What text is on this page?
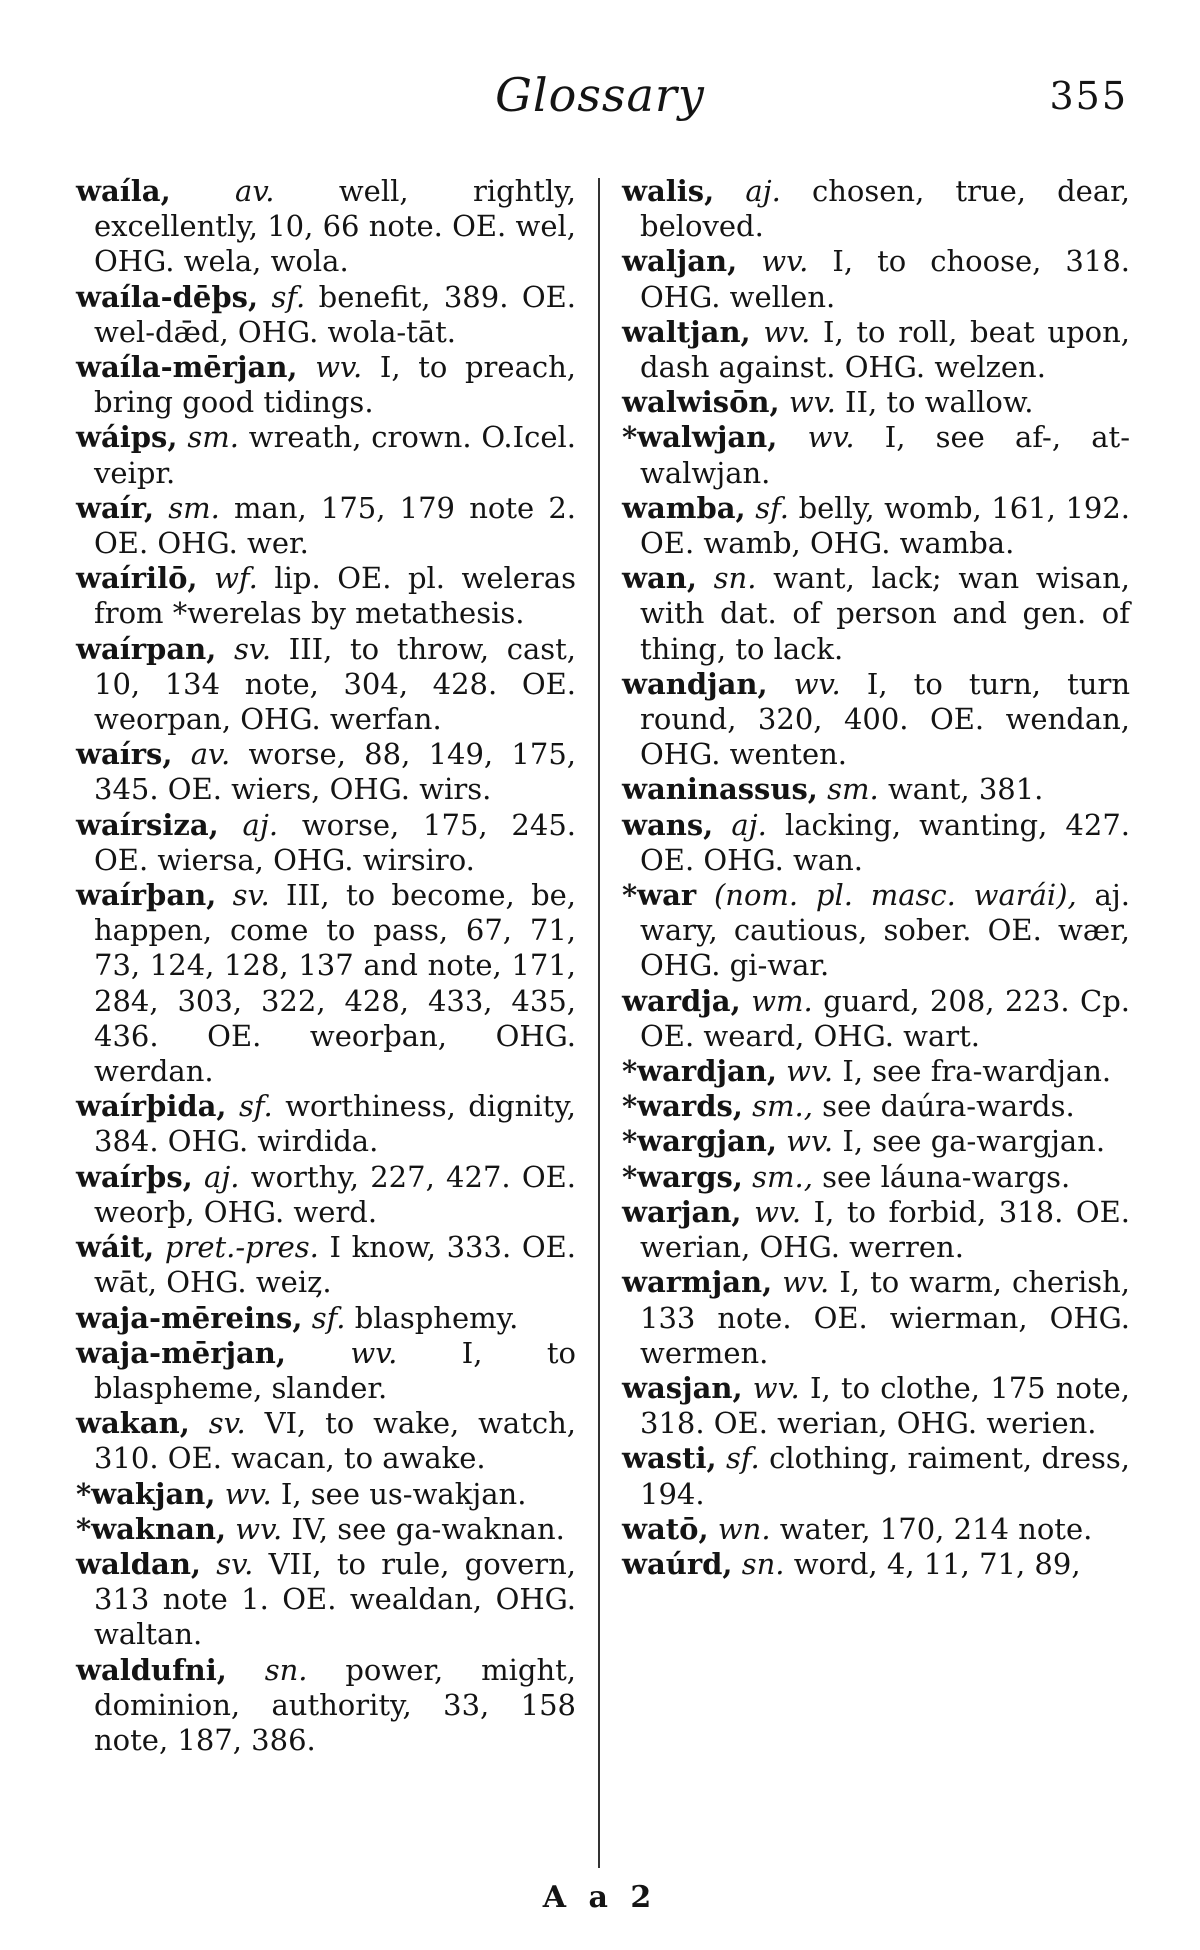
Glossary	355
waíla, av. well, rightly, excellently, 10, 66 note. OE. wel, OHG. wela, wola.
waíla-dēþs, sf. benefit, 389. OE. wel-dǣd, OHG. wola-tāt.
waíla-mērjan, wv. I, to preach, bring good tidings.
wáips, sm. wreath, crown. O.Icel. veipr.
waír, sm. man, 175, 179 note 2. OE. OHG. wer.
waírilō, wf. lip. OE. pl. weleras from *werelas by metathesis.
waírpan, sv. III, to throw, cast, 10, 134 note, 304, 428. OE. weorpan, OHG. werfan.
waírs, av. worse, 88, 149, 175, 345. OE. wiers, OHG. wirs.
waírsiza, aj. worse, 175, 245. OE. wiersa, OHG. wirsiro.
waírþan, sv. III, to become, be, happen, come to pass, 67, 71, 73, 124, 128, 137 and note, 171, 284, 303, 322, 428, 433, 435, 436. OE. weorþan, OHG. werdan.
waírþida, sf. worthiness, dignity, 384. OHG. wirdida.
waírþs, aj. worthy, 227, 427. OE. weorþ, OHG. werd.
wáit, pret.-pres. I know, 333. OE. wāt, OHG. weiȥ.
waja-mēreins, sf. blasphemy.
waja-mērjan, wv. I, to blaspheme, slander.
wakan, sv. VI, to wake, watch, 310. OE. wacan, to awake.
*wakjan, wv. I, see us-wakjan.
*waknan, wv. IV, see ga-waknan.
waldan, sv. VII, to rule, govern, 313 note 1. OE. wealdan, OHG. waltan.
waldufni, sn. power, might, dominion, authority, 33, 158 note, 187, 386.
walis, aj. chosen, true, dear, beloved.
waljan, wv. I, to choose, 318. OHG. wellen.
waltjan, wv. I, to roll, beat upon, dash against. OHG. welzen.
walwisōn, wv. II, to wallow.
*walwjan, wv. I, see af-, at-walwjan.
wamba, sf. belly, womb, 161, 192. OE. wamb, OHG. wamba.
wan, sn. want, lack; wan wisan, with dat. of person and gen. of thing, to lack.
wandjan, wv. I, to turn, turn round, 320, 400. OE. wendan, OHG. wenten.
waninassus, sm. want, 381.
wans, aj. lacking, wanting, 427. OE. OHG. wan.
*war (nom. pl. masc. warái), aj. wary, cautious, sober. OE. wær, OHG. gi-war.
wardja, wm. guard, 208, 223. Cp. OE. weard, OHG. wart.
*wardjan, wv. I, see fra-wardjan.
*wards, sm., see daúra-wards.
*wargjan, wv. I, see ga-wargjan.
*wargs, sm., see láuna-wargs.
warjan, wv. I, to forbid, 318. OE. werian, OHG. werren.
warmjan, wv. I, to warm, cherish, 133 note. OE. wierman, OHG. wermen.
wasjan, wv. I, to clothe, 175 note, 318. OE. werian, OHG. werien.
wasti, sf. clothing, raiment, dress, 194.
watō, wn. water, 170, 214 note.
waúrd, sn. word, 4, 11, 71, 89,
A a 2
